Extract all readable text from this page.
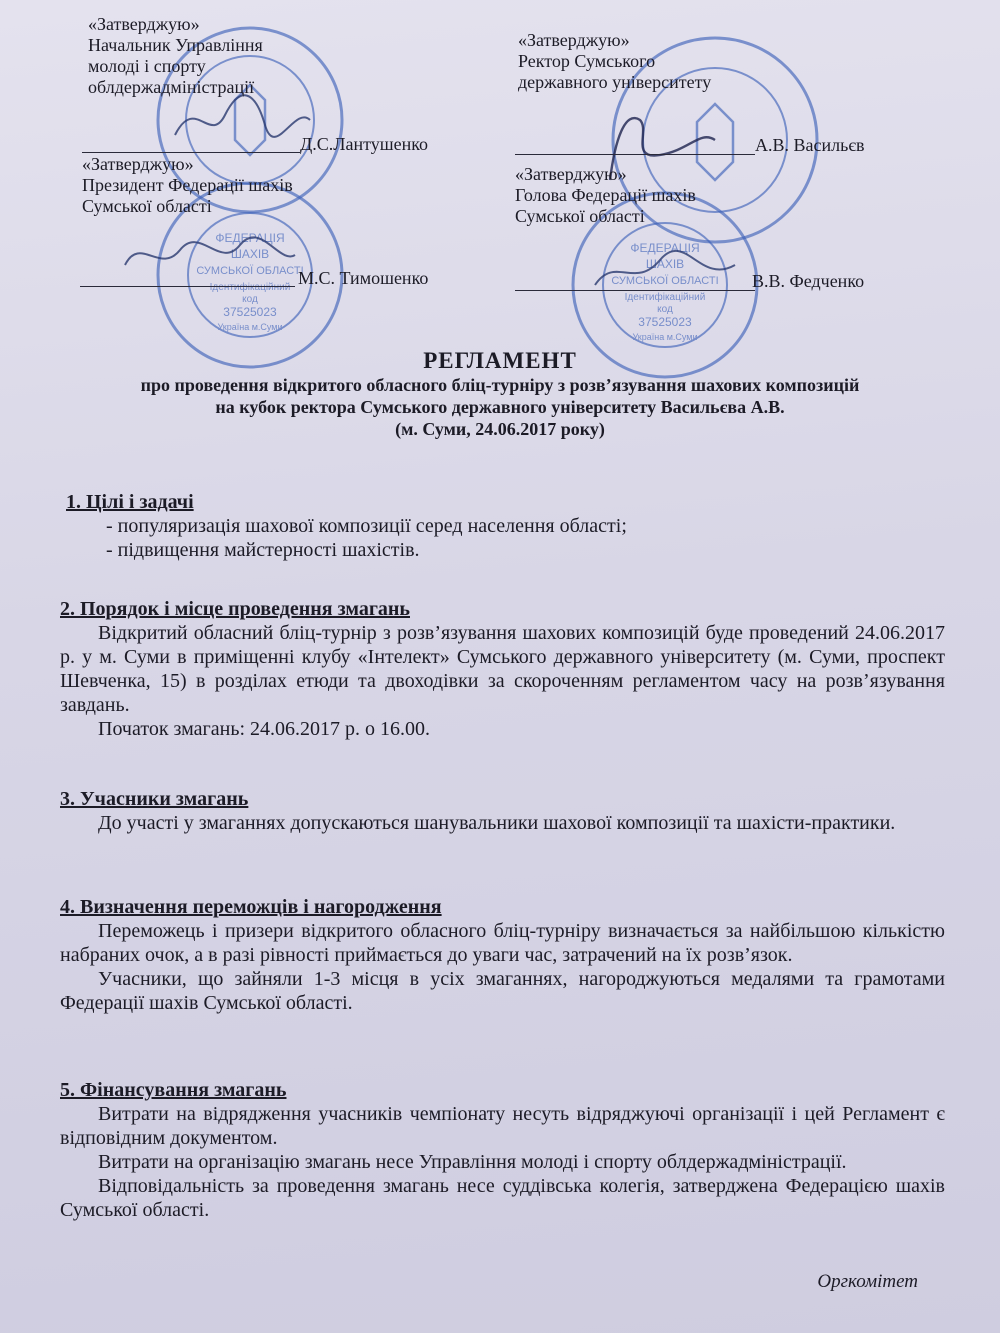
ФЕДЕРАЦІЯ
ШАХІВ
СУМСЬКОЇ ОБЛАСТІ
Ідентифікаційний
код
37525023
Україна м.Суми
ФЕДЕРАЦІЯ
ШАХІВ
СУМСЬКОЇ ОБЛАСТІ
Ідентифікаційний
код
37525023
Україна м.Суми
«Затверджую»
Начальник Управління
молоді і спорту
облдержадміністрації
Д.С.Лантушенко
«Затверджую»
Ректор Сумського
державного університету
А.В. Васильєв
«Затверджую»
Президент Федерації шахів
Сумської області
М.С. Тимошенко
«Затверджую»
Голова Федерації шахів
Сумської області
В.В. Федченко
РЕГЛАМЕНТ
про проведення відкритого обласного бліц-турніру з розв’язування шахових композицій
на кубок ректора Сумського державного університету Васильєва А.В.
(м. Суми, 24.06.2017 року)
1. Цілі і задачі
- популяризація шахової композиції серед населення області;
- підвищення майстерності шахістів.
2. Порядок і місце проведення змагань

Відкритий обласний бліц-турнір з розв’язування шахових композицій буде проведений 24.06.2017 р. у м. Суми в приміщенні клубу «Інтелект» Сумського державного університету (м. Суми, проспект Шевченка, 15) в розділах етюди та двоходівки за скороченням регламентом часу на розв’язування завдань.

Початок змагань: 24.06.2017 р. о 16.00.

3. Учасники змагань

До участі у змаганнях допускаються шанувальники шахової композиції та шахісти-практики.

4. Визначення переможців і нагородження

Переможець і призери відкритого обласного бліц-турніру визначається за найбільшою кількістю набраних очок, а в разі рівності приймається до уваги час, затрачений на їх розв’язок.

Учасники, що зайняли 1-3 місця в усіх змаганнях, нагороджуються медалями та грамотами Федерації шахів Сумської області.

5. Фінансування змагань

Витрати на відрядження учасників чемпіонату несуть відряджуючі організації і цей Регламент є відповідним документом.

Витрати на організацію змагань несе Управління молоді і спорту облдержадміністрації.

Відповідальність за проведення змагань несе суддівська колегія, затверджена Федерацією шахів Сумської області.

Оргкомітет
